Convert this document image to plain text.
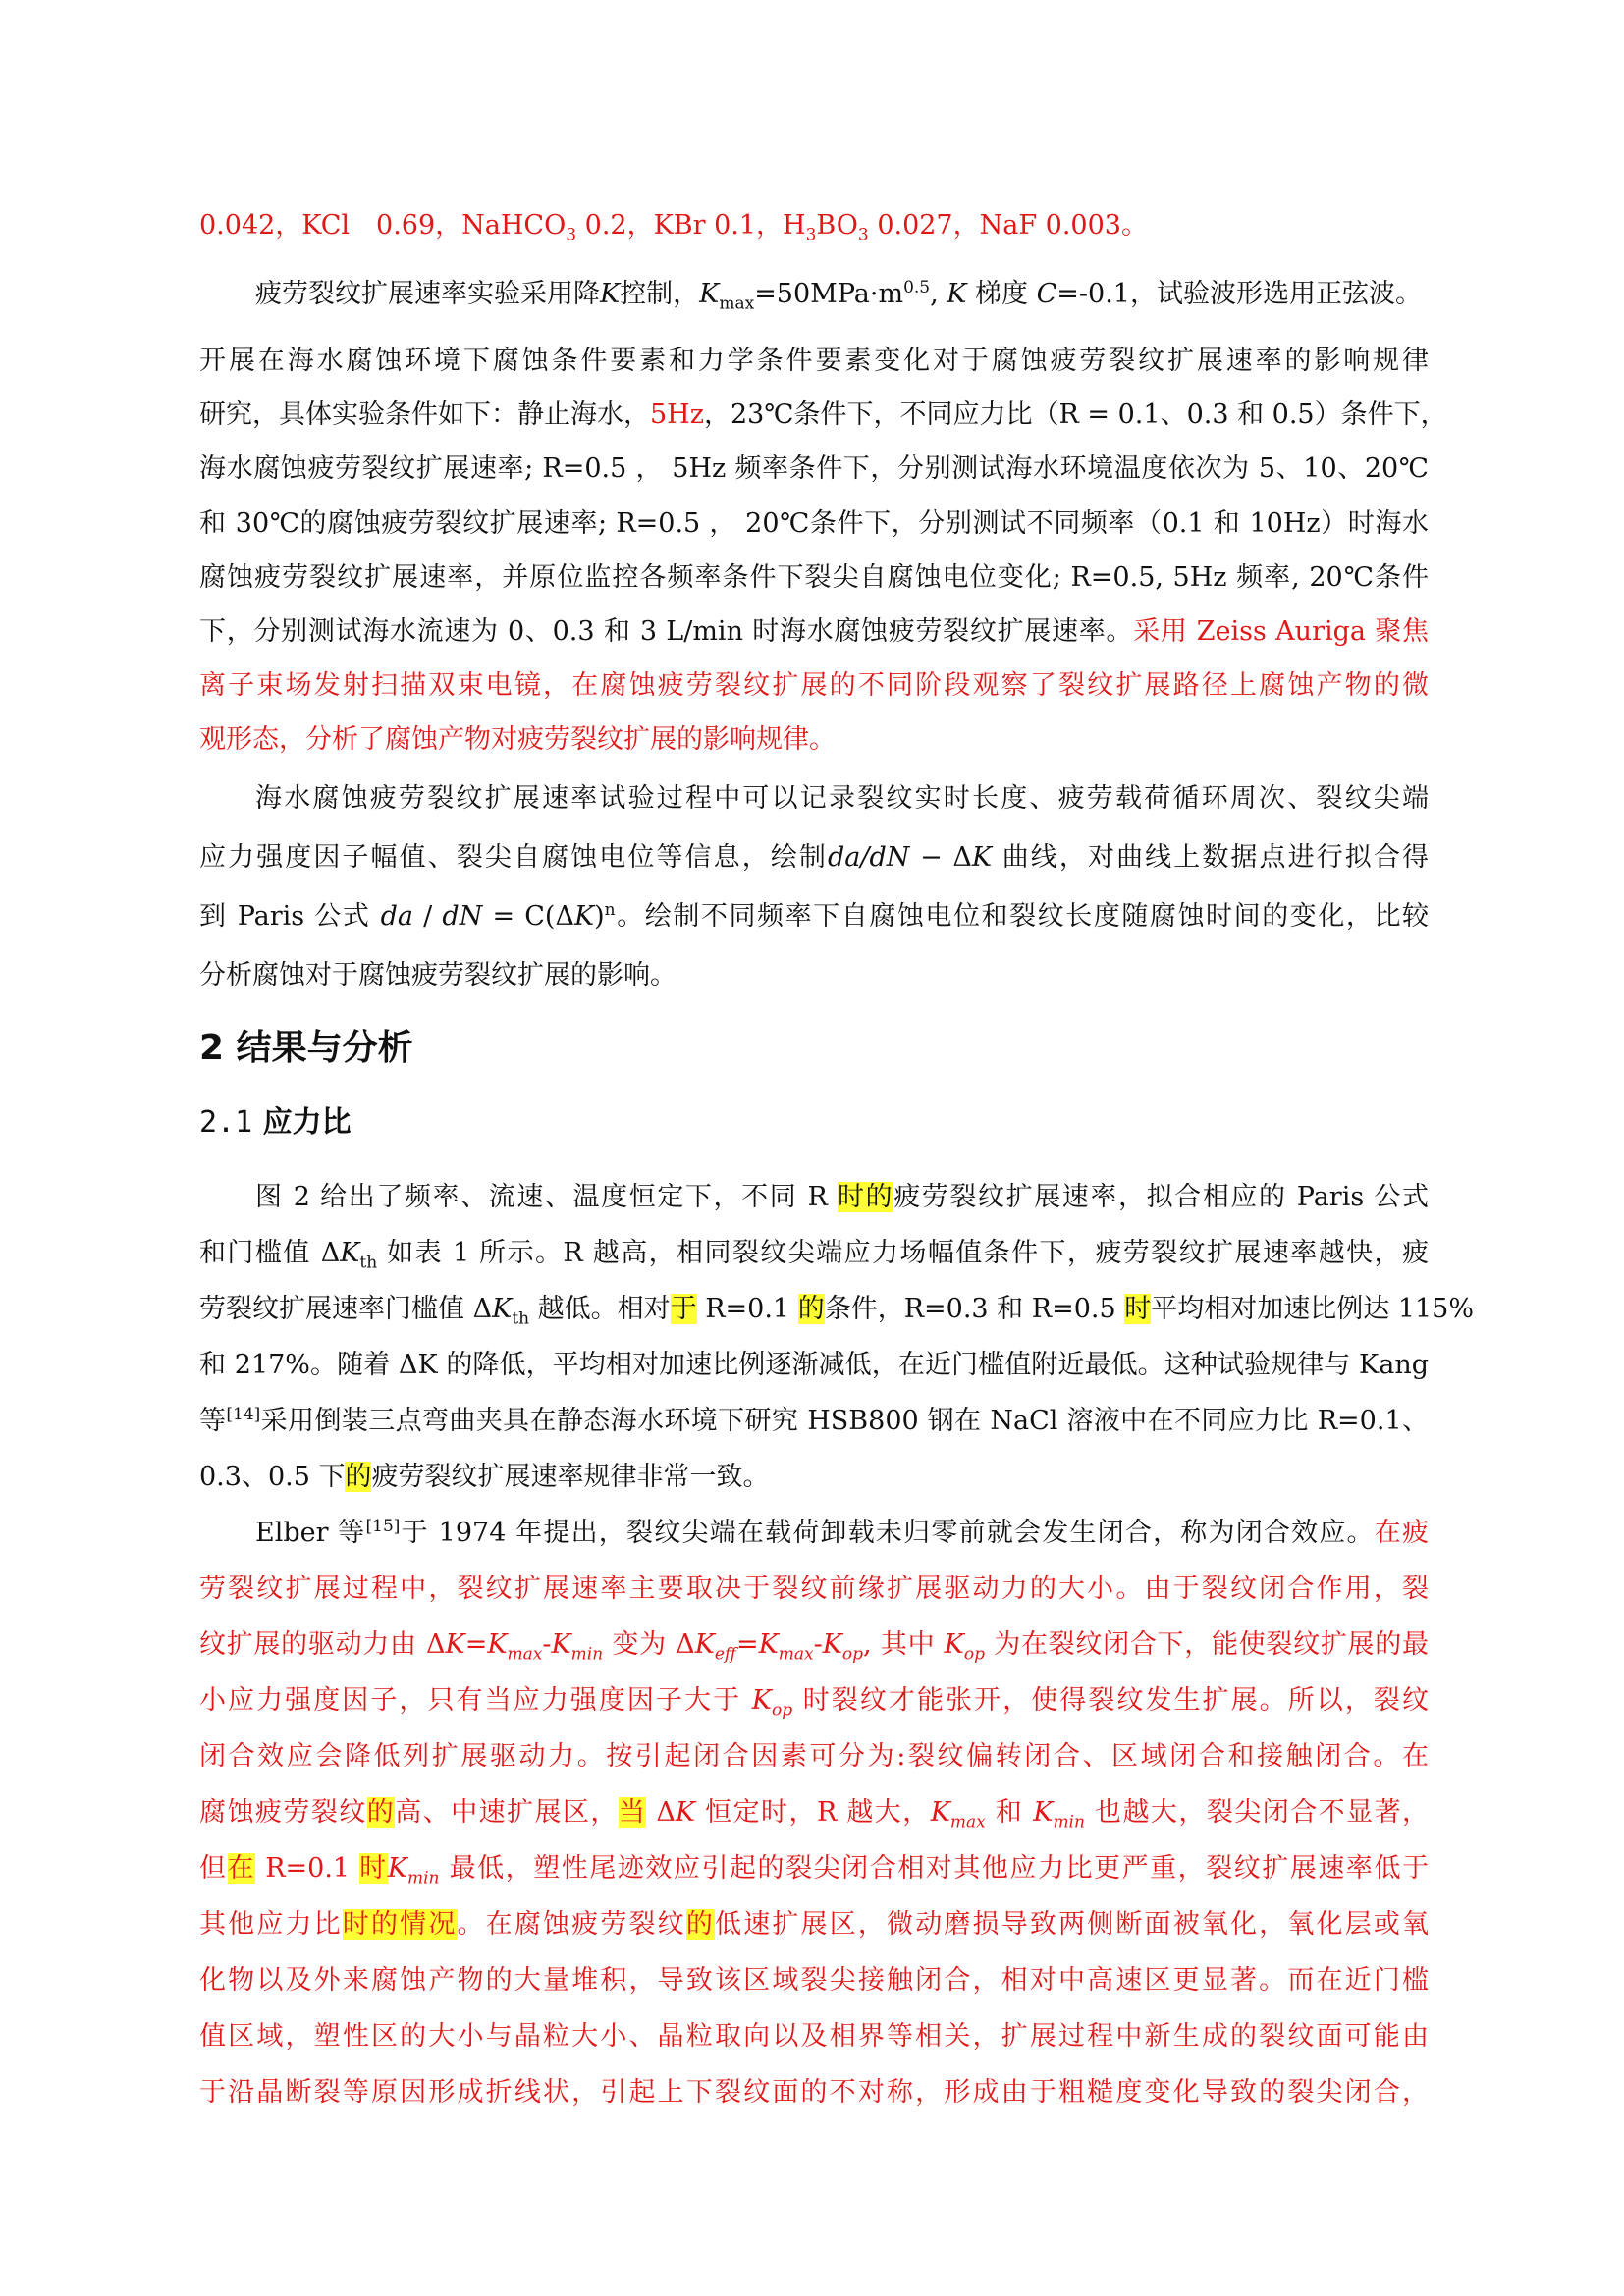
0.042，KCl　0.69，NaHCO$_3$ 0.2，KBr 0.1，$H_3BO_3$ 0.027，NaF 0.003。
疲劳裂纹扩展速率实验采用降K控制，$K_{max}=50MPa\cdot m^{0.5}$, K 梯度 C=-0.1，试验波形选用正弦波。
开展在海水腐蚀环境下腐蚀条件要素和力学条件要素变化对于腐蚀疲劳裂纹扩展速率的影响规律
研究，具体实验条件如下：静止海水，5Hz，23℃条件下，不同应力比（R = 0.1、0.3 和 0.5）条件下，
海水腐蚀疲劳裂纹扩展速率; R=0.5 ， 5Hz 频率条件下，分别测试海水环境温度依次为 5、10、20℃
和 30℃的腐蚀疲劳裂纹扩展速率; R=0.5 ， 20℃条件下，分别测试不同频率（0.1 和 10Hz）时海水
腐蚀疲劳裂纹扩展速率，并原位监控各频率条件下裂尖自腐蚀电位变化; R=0.5, 5Hz 频率, 20℃条件
下，分别测试海水流速为 0、0.3 和 3 L/min 时海水腐蚀疲劳裂纹扩展速率。采用 Zeiss Auriga 聚焦
离子束场发射扫描双束电镜，在腐蚀疲劳裂纹扩展的不同阶段观察了裂纹扩展路径上腐蚀产物的微
观形态，分析了腐蚀产物对疲劳裂纹扩展的影响规律。
海水腐蚀疲劳裂纹扩展速率试验过程中可以记录裂纹实时长度、疲劳载荷循环周次、裂纹尖端
应力强度因子幅值、裂尖自腐蚀电位等信息，绘制da/dN − ΔK 曲线，对曲线上数据点进行拟合得
到 Paris 公式 da / dN = $C(\Delta K)^n$。绘制不同频率下自腐蚀电位和裂纹长度随腐蚀时间的变化，比较
分析腐蚀对于腐蚀疲劳裂纹扩展的影响。
2 结果与分析
2.1 应力比
图 2 给出了频率、流速、温度恒定下，不同 R 时的疲劳裂纹扩展速率，拟合相应的 Paris 公式
和门槛值 $\Delta K_{th}$ 如表 1 所示。R 越高，相同裂纹尖端应力场幅值条件下，疲劳裂纹扩展速率越快，疲
劳裂纹扩展速率门槛值 $\Delta K_{th}$ 越低。相对于 R=0.1 的条件，R=0.3 和 R=0.5 时平均相对加速比例达 115%
和 217%。随着 ΔK 的降低，平均相对加速比例逐渐减低，在近门槛值附近最低。这种试验规律与 Kang
等[14]采用倒装三点弯曲夹具在静态海水环境下研究 HSB800 钢在 NaCl 溶液中在不同应力比 R=0.1、
0.3、0.5 下的疲劳裂纹扩展速率规律非常一致。
Elber 等[15]于 1974 年提出，裂纹尖端在载荷卸载未归零前就会发生闭合，称为闭合效应。在疲
劳裂纹扩展过程中，裂纹扩展速率主要取决于裂纹前缘扩展驱动力的大小。由于裂纹闭合作用，裂
纹扩展的驱动力由 $\Delta K=K_{max}-K_{min}$ 变为 $\Delta K_{eff}=K_{max}-K_{op}$, 其中 $K_{op}$ 为在裂纹闭合下，能使裂纹扩展的最
小应力强度因子，只有当应力强度因子大于 $K_{op}$ 时裂纹才能张开，使得裂纹发生扩展。所以，裂纹
闭合效应会降低列扩展驱动力。按引起闭合因素可分为:裂纹偏转闭合、区域闭合和接触闭合。在
腐蚀疲劳裂纹的高、中速扩展区，当 ΔK 恒定时，R 越大，$K_{max}$ 和 $K_{min}$ 也越大，裂尖闭合不显著，
但在 R=0.1 时$K_{min}$ 最低，塑性尾迹效应引起的裂尖闭合相对其他应力比更严重，裂纹扩展速率低于
其他应力比时的情况。在腐蚀疲劳裂纹的低速扩展区，微动磨损导致两侧断面被氧化，氧化层或氧
化物以及外来腐蚀产物的大量堆积，导致该区域裂尖接触闭合，相对中高速区更显著。而在近门槛
值区域，塑性区的大小与晶粒大小、晶粒取向以及相界等相关，扩展过程中新生成的裂纹面可能由
于沿晶断裂等原因形成折线状，引起上下裂纹面的不对称，形成由于粗糙度变化导致的裂尖闭合，
